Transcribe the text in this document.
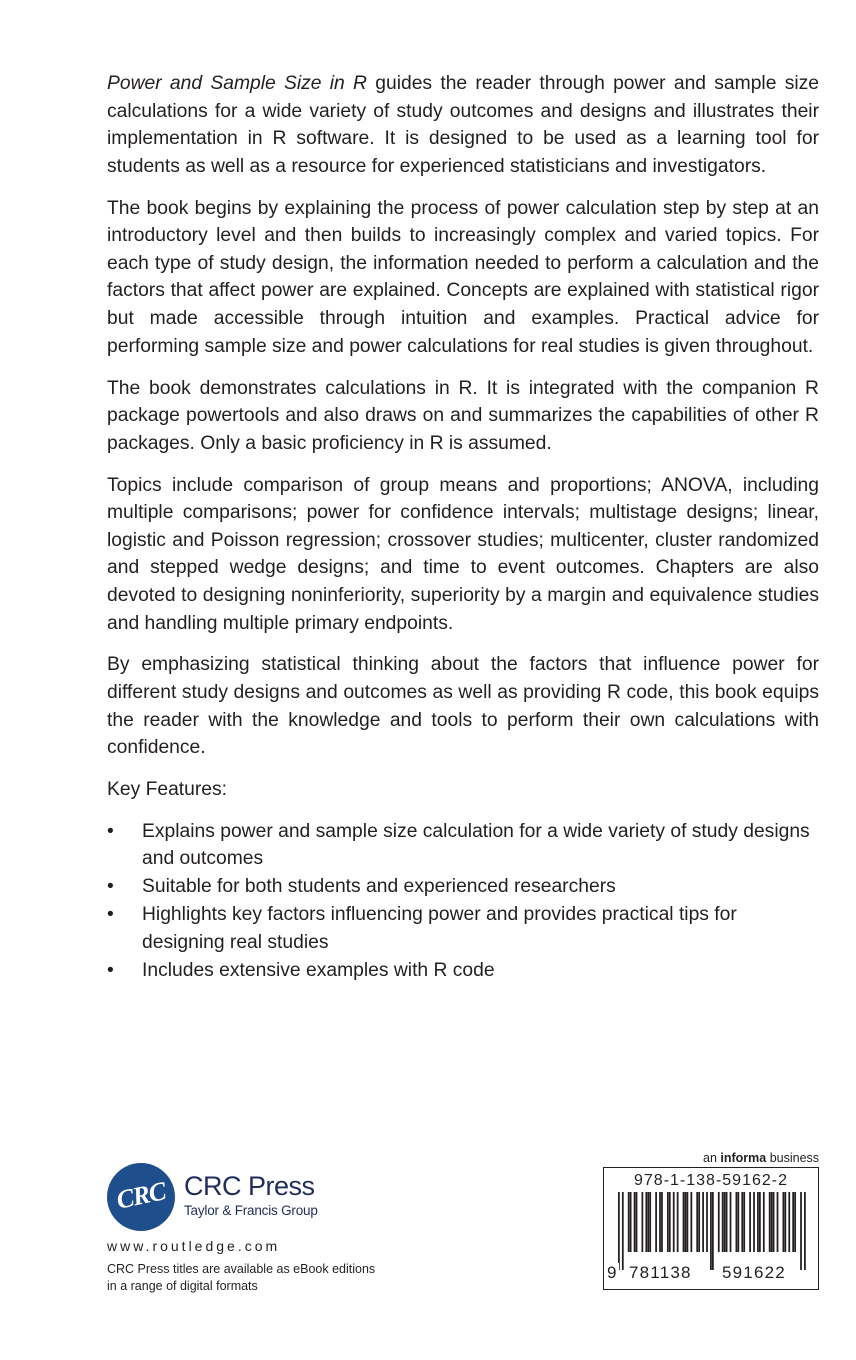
Power and Sample Size in R guides the reader through power and sample size calculations for a wide variety of study outcomes and designs and illustrates their implementation in R software. It is designed to be used as a learning tool for students as well as a resource for experienced statisticians and investigators.

The book begins by explaining the process of power calculation step by step at an introductory level and then builds to increasingly complex and varied topics. For each type of study design, the information needed to perform a calculation and the factors that affect power are explained. Concepts are explained with statistical rigor but made accessible through intuition and examples. Practical advice for performing sample size and power calculations for real studies is given throughout.

The book demonstrates calculations in R. It is integrated with the companion R package powertools and also draws on and summarizes the capabilities of other R packages. Only a basic proficiency in R is assumed.

Topics include comparison of group means and proportions; ANOVA, including multiple comparisons; power for confidence intervals; multistage designs; linear, logistic and Poisson regression; crossover studies; multicenter, cluster randomized and stepped wedge designs; and time to event outcomes. Chapters are also devoted to designing noninferiority, superiority by a margin and equivalence studies and handling multiple primary endpoints.

By emphasizing statistical thinking about the factors that influence power for different study designs and outcomes as well as providing R code, this book equips the reader with the knowledge and tools to perform their own calculations with confidence.

Key Features:

•	Explains power and sample size calculation for a wide variety of study designs and outcomes
•	Suitable for both students and experienced researchers
•	Highlights key factors influencing power and provides practical tips for designing real studies
•	Includes extensive examples with R code
CRC CRC Press
Taylor & Francis Group
www.routledge.com
CRC Press titles are available as eBook editions
in a range of digital formats
an informa business
978-1-138-59162-2
9 781138 591622
